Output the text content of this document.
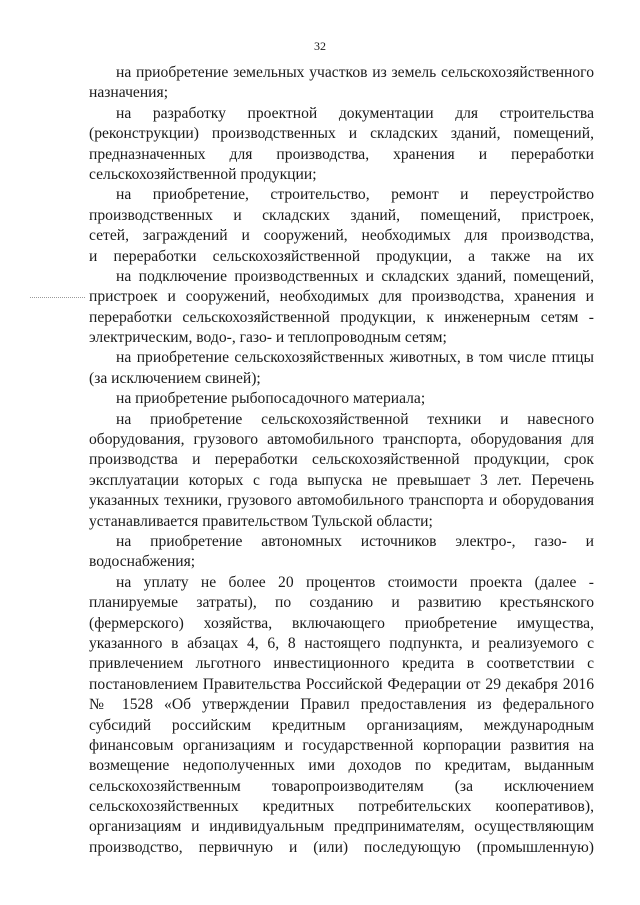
32
на приобретение земельных участков из земель сельскохозяйственного
назначения;
на разработку проектной документации для строительства
(реконструкции) производственных и складских зданий, помещений,
предназначенных для производства, хранения и переработки
сельскохозяйственной продукции;
на приобретение, строительство, ремонт и переустройство
производственных и складских зданий, помещений, пристроек,
сетей, заграждений и сооружений, необходимых для производства,
и переработки сельскохозяйственной продукции, а также на их
на подключение производственных и складских зданий, помещений,
пристроек и сооружений, необходимых для производства, хранения и
переработки сельскохозяйственной продукции, к инженерным сетям -
электрическим, водо-, газо- и теплопроводным сетям;
на приобретение сельскохозяйственных животных, в том числе птицы
(за исключением свиней);
на приобретение рыбопосадочного материала;
на приобретение сельскохозяйственной техники и навесного
оборудования, грузового автомобильного транспорта, оборудования для
производства и переработки сельскохозяйственной продукции, срок
эксплуатации которых с года выпуска не превышает 3 лет. Перечень
указанных техники, грузового автомобильного транспорта и оборудования
устанавливается правительством Тульской области;
на приобретение автономных источников электро-, газо- и
водоснабжения;
на уплату не более 20 процентов стоимости проекта (далее -
планируемые затраты), по созданию и развитию крестьянского
(фермерского) хозяйства, включающего приобретение имущества,
указанного в абзацах 4, 6, 8 настоящего подпункта, и реализуемого с
привлечением льготного инвестиционного кредита в соответствии с
постановлением Правительства Российской Федерации от 29 декабря 2016
№ 1528 «Об утверждении Правил предоставления из федерального
субсидий российским кредитным организациям, международным
финансовым организациям и государственной корпорации развития на
возмещение недополученных ими доходов по кредитам, выданным
сельскохозяйственным товаропроизводителям (за исключением
сельскохозяйственных кредитных потребительских кооперативов),
организациям и индивидуальным предпринимателям, осуществляющим
производство, первичную и (или) последующую (промышленную)
